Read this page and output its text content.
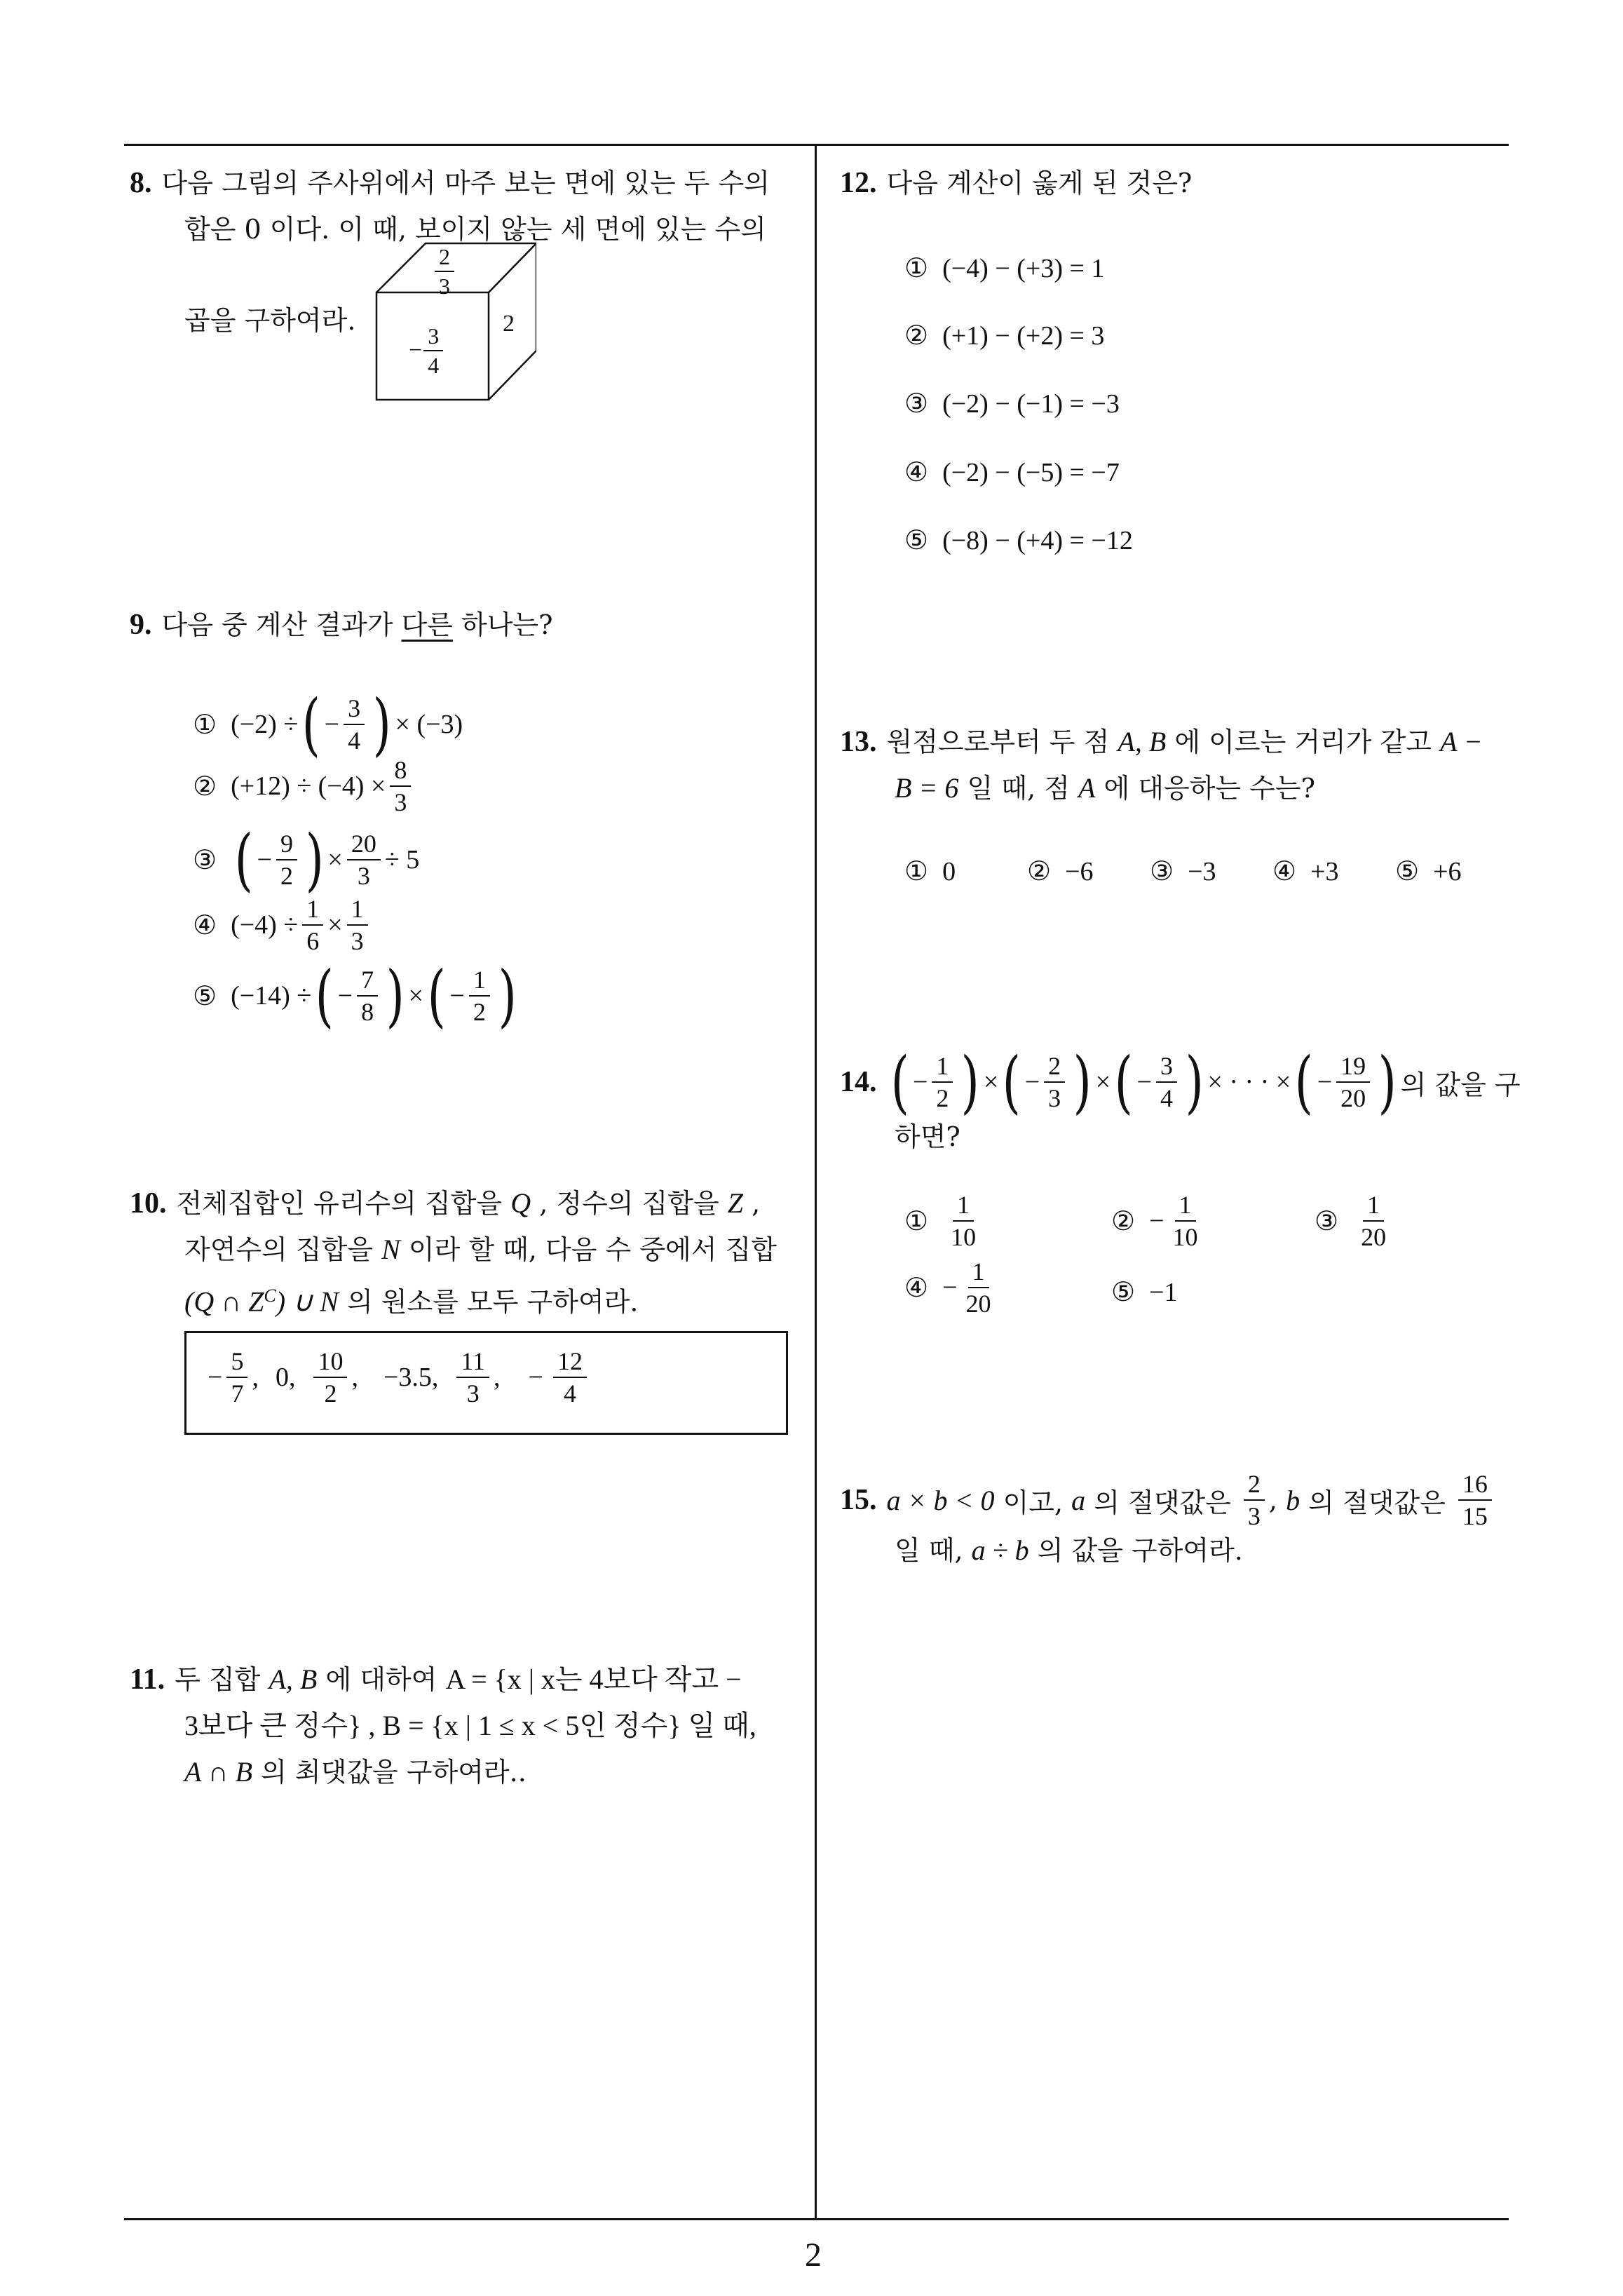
2
8. 다음 그림의 주사위에서 마주 보는 면에 있는 두 수의
합은 0 이다. 이 때, 보이지 않는 세 면에 있는 수의
곱을 구하여라.
$\frac{2}{3}$
− $\frac{3}{4}$
2
9. 다음 중 계산 결과가 다른 하나는?
① (−2) ÷ ( −
3
4 ) × (−3)
② $(+12) \div (-4) \times \frac{8}{3}$
③ ( −
9
2 ) × $\frac{20}{3} \div 5$
④ $(-4) \div \frac{1}{6} \times \frac{1}{3}$
⑤ (−14) ÷ ( −
7
8 ) × ( −
1
2 )
10. 전체집합인 유리수의 집합을 Q , 정수의 집합을 Z ,
자연수의 집합을 N 이라 할 때, 다음 수 중에서 집합
(Q ∩ $Z^C$) ∪ N 의 원소를 모두 구하여라.
−
5
7
, 0,
10
2
, −3.5,
11
3
, − $\frac{12}{4}$
11. 두 집합 A, B 에 대하여 A = {x | x는 4보다 작고 −
3보다 큰 정수} , B = {x | 1 ≤ x < 5인 정수} 일 때,
A ∩ B 의 최댓값을 구하여라..
12. 다음 계산이 옳게 된 것은?
① (−4) − (+3) = 1
② (+1) − (+2) = 3
③ (−2) − (−1) = −3
④ (−2) − (−5) = −7
⑤ (−8) − (+4) = −12
13. 원점으로부터 두 점 A, B 에 이르는 거리가 같고 A −
B = 6 일 때, 점 A 에 대응하는 수는?
① 0	② −6 ③ −3 ④ +3 ⑤ +6
14. ( −
1
2 ) × ( −
2
3 ) × ( −
3
4 ) × · · · × ( −
19
20 ) 의 값을 구
하면?
①
1
10
② − $\frac{1}{10}$	③
1
20
④ − $\frac{1}{20}$	⑤ −1
15. a × b < 0 이고, a 의 절댓값은
2
3
, b 의 절댓값은
16
15
일 때, a ÷ b 의 값을 구하여라.
